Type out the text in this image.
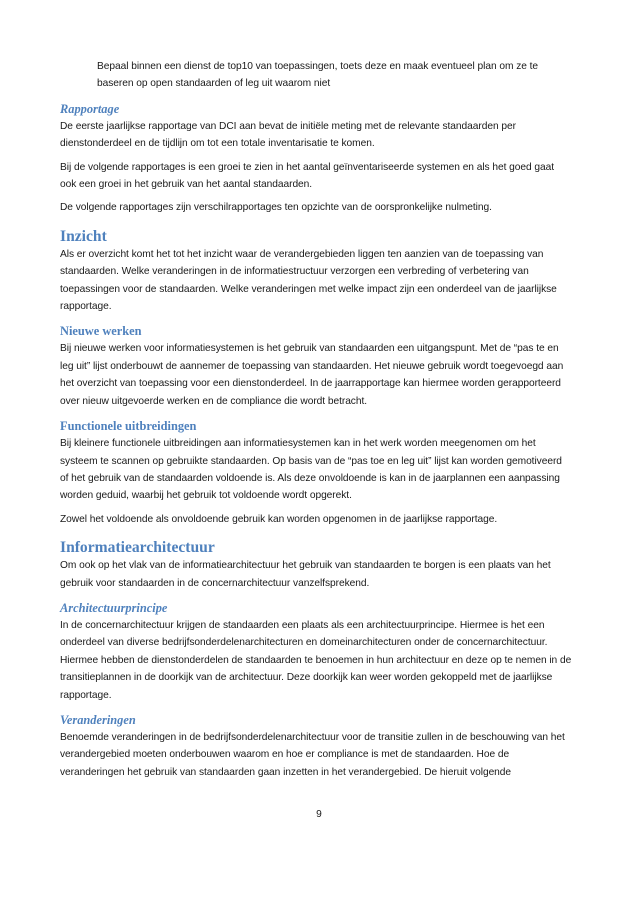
Bepaal binnen een dienst de top10 van toepassingen, toets deze en maak eventueel plan om ze te baseren op open standaarden of leg uit waarom niet

Rapportage

De eerste jaarlijkse rapportage van DCI aan bevat de initiële meting met de relevante standaarden per dienstonderdeel en de tijdlijn om tot een totale inventarisatie te komen.

Bij de volgende rapportages is een groei te zien in het aantal geïnventariseerde systemen en als het goed gaat ook een groei in het gebruik van het aantal standaarden.

De volgende rapportages zijn verschilrapportages ten opzichte van de oorspronkelijke nulmeting.

Inzicht

Als er overzicht komt het tot het inzicht waar de verandergebieden liggen ten aanzien van de toepassing van standaarden. Welke veranderingen in de informatiestructuur verzorgen een verbreding of verbetering van toepassingen voor de standaarden. Welke veranderingen met welke impact zijn een onderdeel van de jaarlijkse rapportage.

Nieuwe werken

Bij nieuwe werken voor informatiesystemen is het gebruik van standaarden een uitgangspunt. Met de “pas te en leg uit” lijst onderbouwt de aannemer de toepassing van standaarden. Het nieuwe gebruik wordt toegevoegd aan het overzicht van toepassing voor een dienstonderdeel. In de jaarrapportage kan hiermee worden gerapporteerd over nieuw uitgevoerde werken en de compliance die wordt betracht.

Functionele uitbreidingen

Bij kleinere functionele uitbreidingen aan informatiesystemen kan in het werk worden meegenomen om het systeem te scannen op gebruikte standaarden. Op basis van de “pas toe en leg uit” lijst kan worden gemotiveerd of het gebruik van de standaarden voldoende is. Als deze onvoldoende is kan in de jaarplannen een aanpassing worden geduid, waarbij het gebruik tot voldoende wordt opgerekt.

Zowel het voldoende als onvoldoende gebruik kan worden opgenomen in de jaarlijkse rapportage.

Informatiearchitectuur

Om ook op het vlak van de informatiearchitectuur het gebruik van standaarden te borgen is een plaats van het gebruik voor standaarden in de concernarchitectuur vanzelfsprekend.

Architectuurprincipe

In de concernarchitectuur krijgen de standaarden een plaats als een architectuurprincipe. Hiermee is het een onderdeel van diverse bedrijfsonderdelenarchitecturen en domeinarchitecturen onder de concernarchitectuur. Hiermee hebben de dienstonderdelen de standaarden te benoemen in hun architectuur en deze op te nemen in de transitieplannen in de doorkijk van de architectuur. Deze doorkijk kan weer worden gekoppeld met de jaarlijkse rapportage.

Veranderingen

Benoemde veranderingen in de bedrijfsonderdelenarchitectuur voor de transitie zullen in de beschouwing van het verandergebied moeten onderbouwen waarom en hoe er compliance is met de standaarden. Hoe de veranderingen het gebruik van standaarden gaan inzetten in het verandergebied. De hieruit volgende

9
